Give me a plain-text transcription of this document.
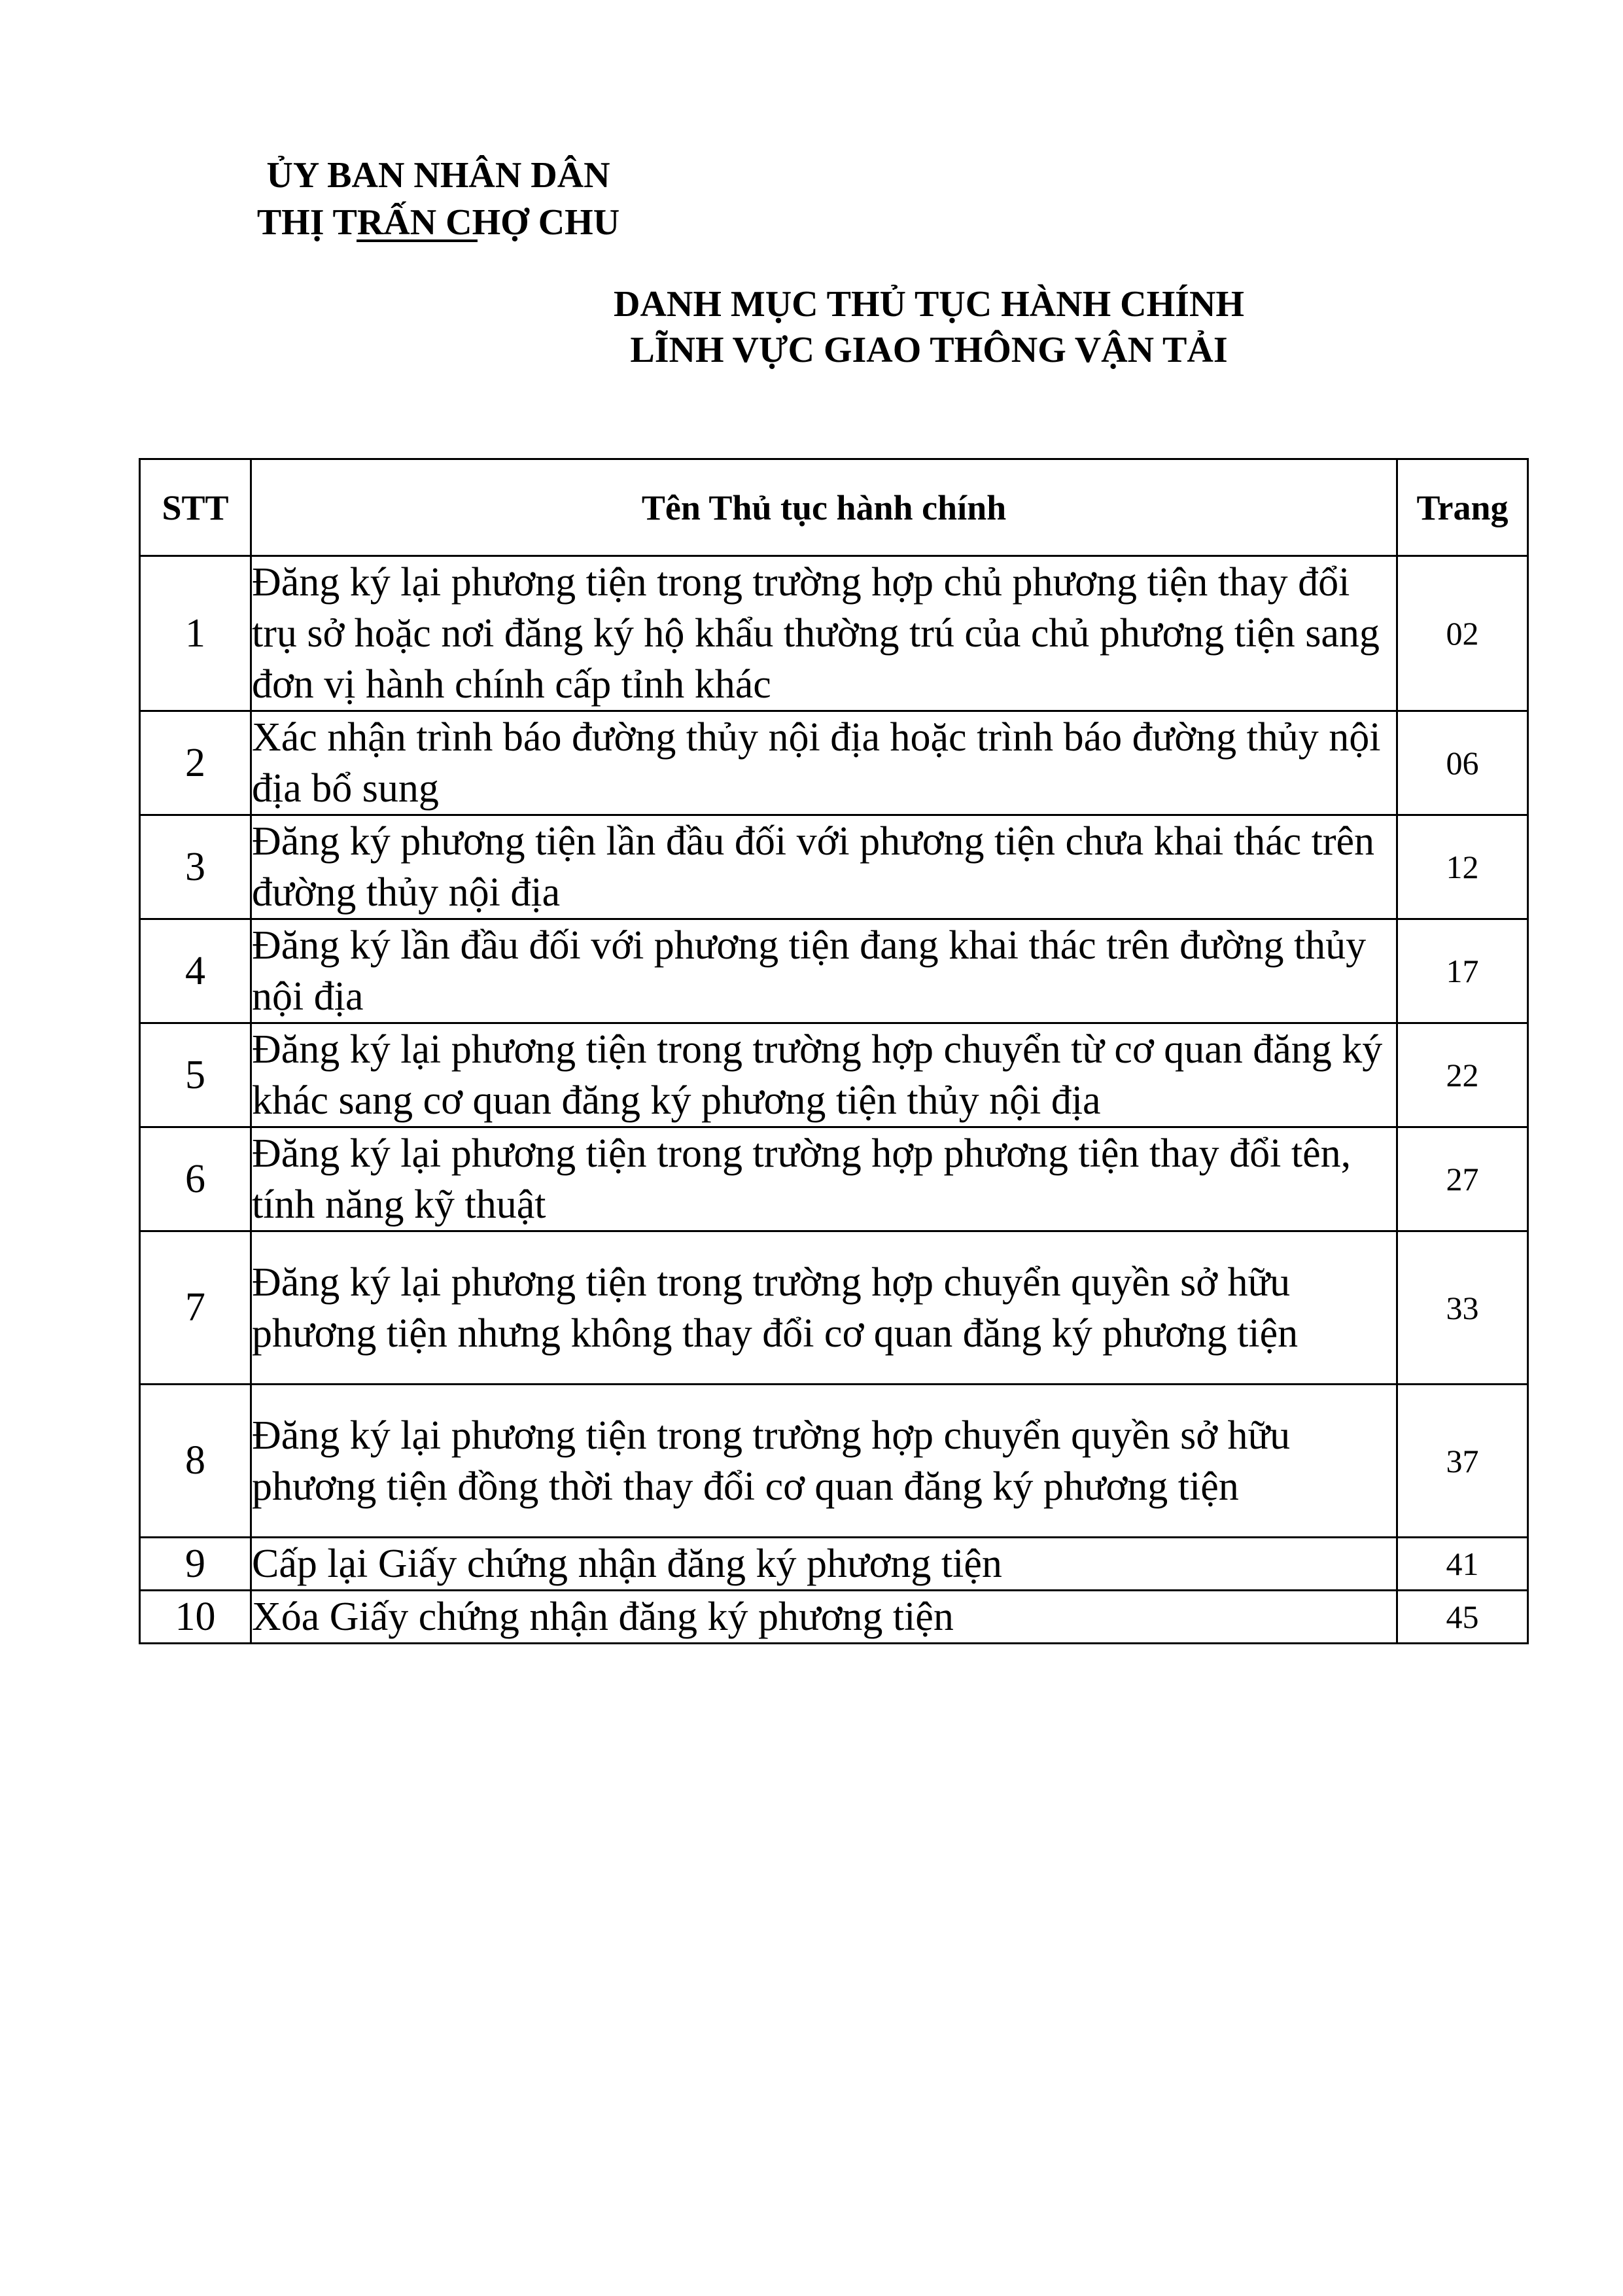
ỦY BAN NHÂN DÂN
THỊ TRẤN CHỢ CHU
DANH MỤC THỦ TỤC HÀNH CHÍNH
LĨNH VỰC GIAO THÔNG VẬN TẢI
STT	Tên Thủ tục hành chính	Trang
1	Đăng ký lại phương tiện trong trường hợp chủ phương tiện thay đổi trụ sở hoặc nơi đăng ký hộ khẩu thường trú của chủ phương tiện sang đơn vị hành chính cấp tỉnh khác	02
2	Xác nhận trình báo đường thủy nội địa hoặc trình báo đường thủy nội địa bổ sung	06
3	Đăng ký phương tiện lần đầu đối với phương tiện chưa khai thác trên đường thủy nội địa	12
4	Đăng ký lần đầu đối với phương tiện đang khai thác trên đường thủy nội địa	17
5	Đăng ký lại phương tiện trong trường hợp chuyển từ cơ quan đăng ký khác sang cơ quan đăng ký phương tiện thủy nội địa	22
6	Đăng ký lại phương tiện trong trường hợp phương tiện thay đổi tên, tính năng kỹ thuật	27
7	Đăng ký lại phương tiện trong trường hợp chuyển quyền sở hữu phương tiện nhưng không thay đổi cơ quan đăng ký phương tiện	33
8	Đăng ký lại phương tiện trong trường hợp chuyển quyền sở hữu phương tiện đồng thời thay đổi cơ quan đăng ký phương tiện	37
9	Cấp lại Giấy chứng nhận đăng ký phương tiện	41
10	Xóa Giấy chứng nhận đăng ký phương tiện	45
